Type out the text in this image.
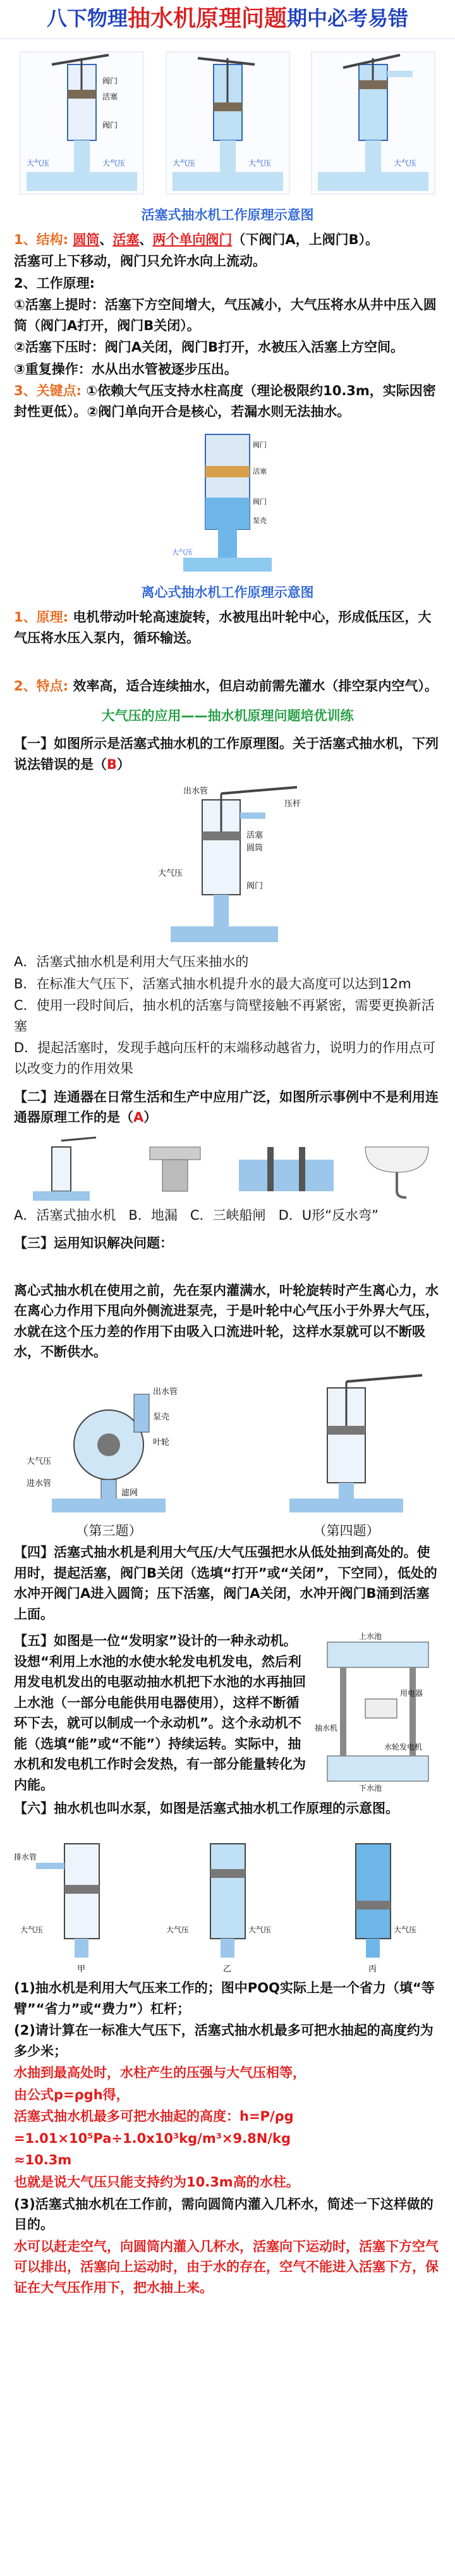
八下物理 抽水机原理问题 期中必考易错
阀门
活塞
大气压
阀门
大气压	大气压	大气压	大气压
活塞式抽水机工作原理示意图

1、结构: 圆筒、活塞、两个单向阀门（下阀门A，上阀门B）。

活塞可上下移动，阀门只允许水向上流动。

2、工作原理:

①活塞上提时：活塞下方空间增大，气压减小，大气压将水从井中压入圆筒（阀门A打开，阀门B关闭）。

②活塞下压时：阀门A关闭，阀门B打开，水被压入活塞上方空间。

③重复操作：水从出水管被逐步压出。

3、关键点: ①依赖大气压支持水柱高度（理论极限约10.3m，实际因密封性更低）。②阀门单向开合是核心，若漏水则无法抽水。

阀门
大气压
活塞
阀门
泵壳
离心式抽水机工作原理示意图

1、原理: 电机带动叶轮高速旋转，水被甩出叶轮中心，形成低压区，大气压将水压入泵内，循环输送。

2、特点: 效率高，适合连续抽水，但启动前需先灌水（排空泵内空气）。

大气压的应用——抽水机原理问题培优训练

【一】如图所示是活塞式抽水机的工作原理图。关于活塞式抽水机，下列说法错误的是（B）

出水管
压杆
圆筒
活塞
大气压
阀门

A．活塞式抽水机是利用大气压来抽水的

B．在标准大气压下，活塞式抽水机提升水的最大高度可以达到12m

C．使用一段时间后，抽水机的活塞与筒壁接触不再紧密，需要更换新活塞

D．提起活塞时，发现手越向压杆的末端移动越省力，说明力的作用点可以改变力的作用效果

【二】连通器在日常生活和生产中应用广泛，如图所示事例中不是利用连通器原理工作的是（A）

A．活塞式抽水机 B．地漏 C．三峡船闸 D．U形“反水弯”

【三】运用知识解决问题：

离心式抽水机在使用之前，先在泵内灌满水，叶轮旋转时产生离心力，水在离心力作用下甩向外侧流进泵壳，于是叶轮中心气压小于外界大气压，水就在这个压力差的作用下由吸入口流进叶轮，这样水泵就可以不断吸水，不断供水。

出水管
泵壳
叶轮
进水管
滤网
大气压
（第三题）	（第四题）

【四】活塞式抽水机是利用大气压/大气压强把水从低处抽到高处的。使用时，提起活塞，阀门B关闭（选填“打开”或“关闭”，下空同），低处的水冲开阀门A进入圆筒；压下活塞，阀门A关闭，水冲开阀门B涌到活塞上面。

【五】如图是一位“发明家”设计的一种永动机。设想“利用上水池的水使水轮发电机发电，然后利用发电机发出的电驱动抽水机把下水池的水再抽回上水池（一部分电能供用电器使用），这样不断循环下去，就可以制成一个永动机”。这个永动机不能（选填“能”或“不能”）持续运转。实际中，抽水机和发电机工作时会发热，有一部分能量转化为内能。

上水池
用电器
抽水机
下水池
水轮发电机

【六】抽水机也叫水泵，如图是活塞式抽水机工作原理的示意图。

排水管
大气压
甲
大气压	大气压
乙
大气压
丙

(1)抽水机是利用大气压来工作的；图中POQ实际上是一个省力（填“等臂”“省力”或“费力”）杠杆；

(2)请计算在一标准大气压下，活塞式抽水机最多可把水抽起的高度约为多少米；

水抽到最高处时，水柱产生的压强与大气压相等，

由公式p=ρgh得，

活塞式抽水机最多可把水抽起的高度：h=P/ρg

=1.01×10⁵Pa÷1.0x10³kg/m³×9.8N/kg

≈10.3m

也就是说大气压只能支持约为10.3m高的水柱。

(3)活塞式抽水机在工作前，需向圆筒内灌入几杯水，简述一下这样做的目的。

水可以赶走空气，向圆筒内灌入几杯水，活塞向下运动时，活塞下方空气可以排出，活塞向上运动时，由于水的存在，空气不能进入活塞下方，保证在大气压作用下，把水抽上来。
